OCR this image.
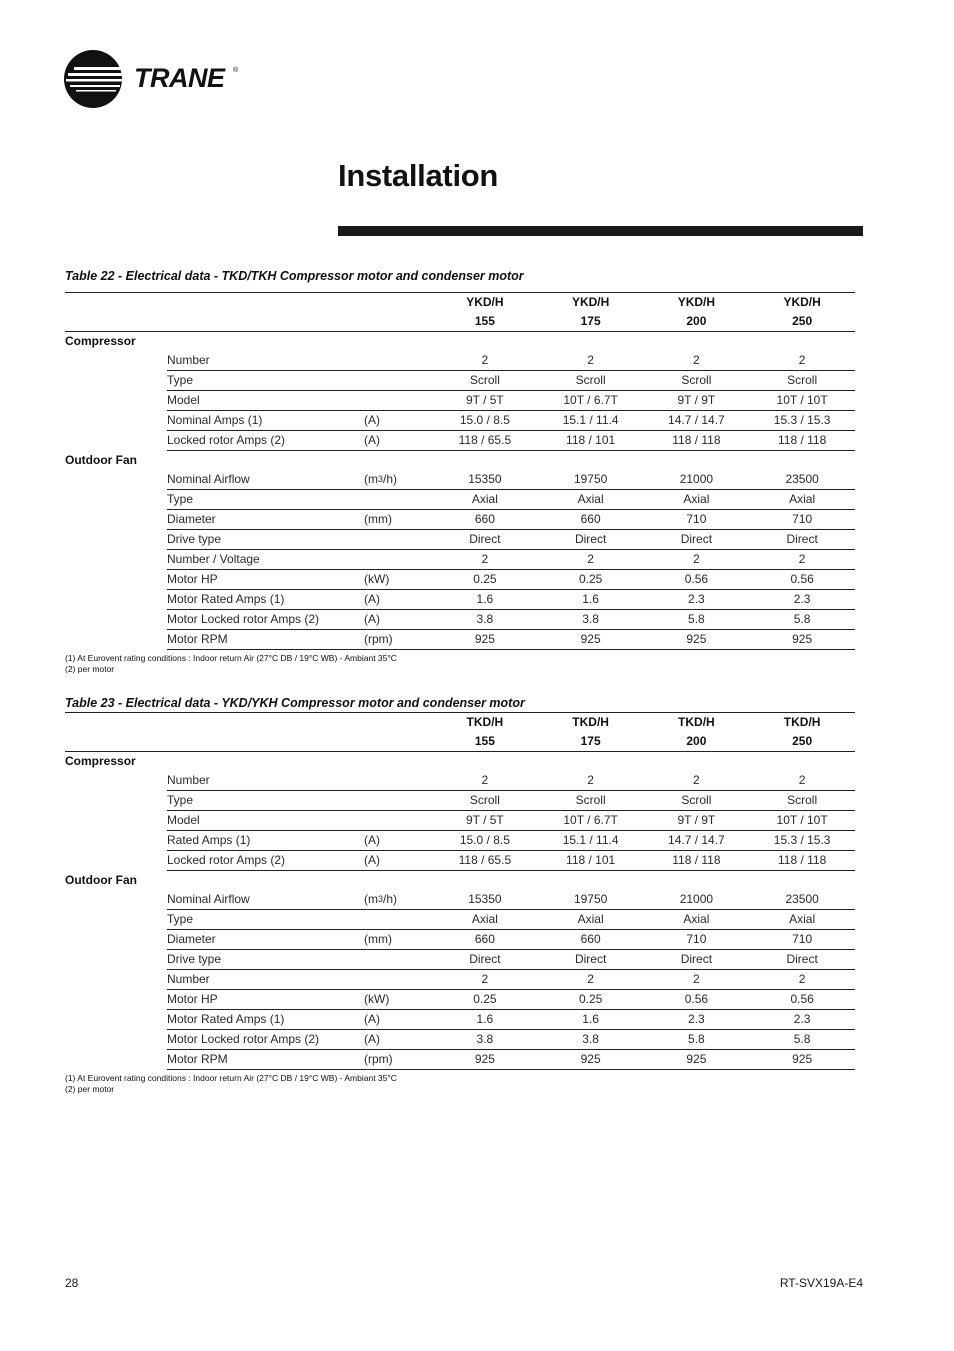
TRANE ®
Installation

Table 22 - Electrical data - TKD/TKH Compressor motor and condenser motor

			YKD/H	YKD/H	YKD/H	YKD/H
			155	175	200	250
Compressor						
	Number		2	2	2	2
	Type		Scroll	Scroll	Scroll	Scroll
	Model		9T / 5T	10T / 6.7T	9T / 9T	10T / 10T
	Nominal Amps (1)	(A)	15.0 / 8.5	15.1 / 11.4	14.7 / 14.7	15.3 / 15.3
	Locked rotor Amps (2)	(A)	118 / 65.5	118 / 101	118 / 118	118 / 118
Outdoor Fan						
	Nominal Airflow	(m3/h)	15350	19750	21000	23500
	Type		Axial	Axial	Axial	Axial
	Diameter	(mm)	660	660	710	710
	Drive type		Direct	Direct	Direct	Direct
	Number / Voltage		2	2	2	2
	Motor HP	(kW)	0.25	0.25	0.56	0.56
	Motor Rated Amps (1)	(A)	1.6	1.6	2.3	2.3
	Motor Locked rotor Amps (2)	(A)	3.8	3.8	5.8	5.8
	Motor RPM	(rpm)	925	925	925	925
(1) At Eurovent rating conditions : Indoor return Air (27°C DB / 19°C WB) - Ambiant 35°C
(2) per motor

Table 23 - Electrical data - YKD/YKH Compressor motor and condenser motor

			TKD/H	TKD/H	TKD/H	TKD/H
			155	175	200	250
Compressor						
	Number		2	2	2	2
	Type		Scroll	Scroll	Scroll	Scroll
	Model		9T / 5T	10T / 6.7T	9T / 9T	10T / 10T
	Rated Amps (1)	(A)	15.0 / 8.5	15.1 / 11.4	14.7 / 14.7	15.3 / 15.3
	Locked rotor Amps (2)	(A)	118 / 65.5	118 / 101	118 / 118	118 / 118
Outdoor Fan						
	Nominal Airflow	(m3/h)	15350	19750	21000	23500
	Type		Axial	Axial	Axial	Axial
	Diameter	(mm)	660	660	710	710
	Drive type		Direct	Direct	Direct	Direct
	Number		2	2	2	2
	Motor HP	(kW)	0.25	0.25	0.56	0.56
	Motor Rated Amps (1)	(A)	1.6	1.6	2.3	2.3
	Motor Locked rotor Amps (2)	(A)	3.8	3.8	5.8	5.8
	Motor RPM	(rpm)	925	925	925	925
(1) At Eurovent rating conditions : Indoor return Air (27°C DB / 19°C WB) - Ambiant 35°C
(2) per motor
28	RT-SVX19A-E4
